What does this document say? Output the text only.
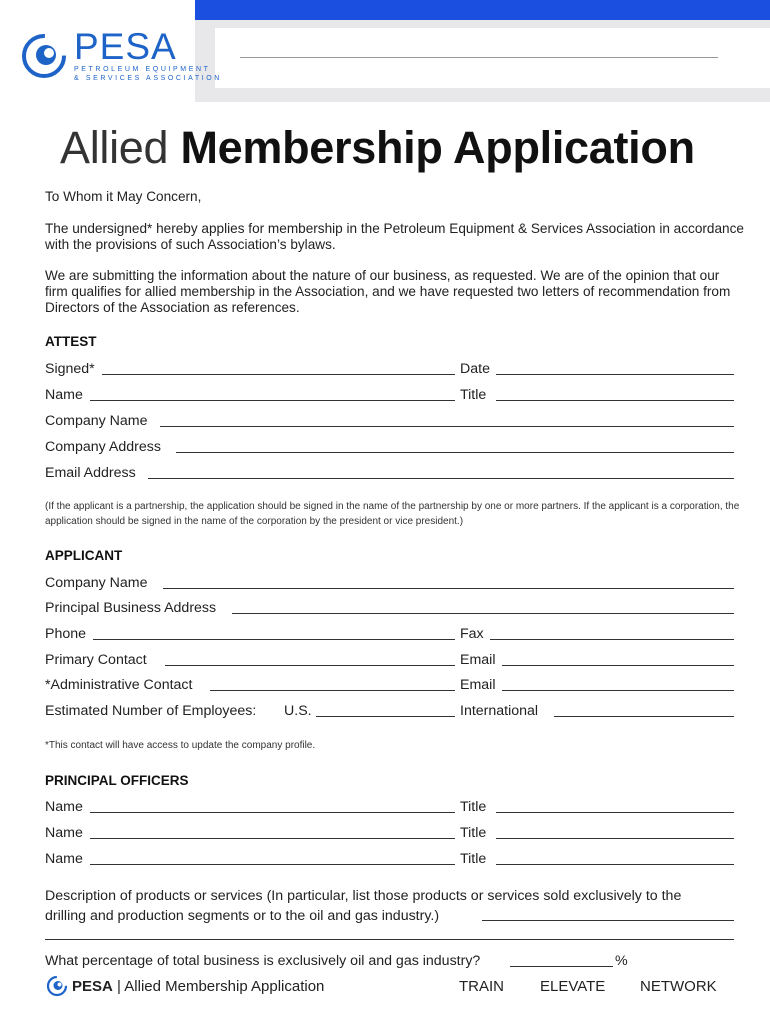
PESA
PETROLEUM EQUIPMENT
& SERVICES ASSOCIATION
Allied Membership Application
To Whom it May Concern,
The undersigned* hereby applies for membership in the Petroleum Equipment & Services Association in accordance with the provisions of such Association’s bylaws.
We are submitting the information about the nature of our business, as requested. We are of the opinion that our firm qualifies for allied membership in the Association, and we have requested two letters of recommendation from Directors of the Association as references.
ATTEST
Signed*	Date
Name	Title
Company Name
Company Address
Email Address
(If the applicant is a partnership, the application should be signed in the name of the partnership by one or more partners. If the applicant is a corporation, the application should be signed in the name of the corporation by the president or vice president.)
APPLICANT
Company Name
Principal Business Address
Phone	Fax
Primary Contact	Email
*Administrative Contact	Email
Estimated Number of Employees: U.S.	International
*This contact will have access to update the company profile.
PRINCIPAL OFFICERS
Name	Title
Name	Title
Name	Title
Description of products or services (In particular, list those products or services sold exclusively to the
drilling and production segments or to the oil and gas industry.)
What percentage of total business is exclusively oil and gas industry?	%
PESA | Allied Membership Application	TRAIN ELEVATE NETWORK
